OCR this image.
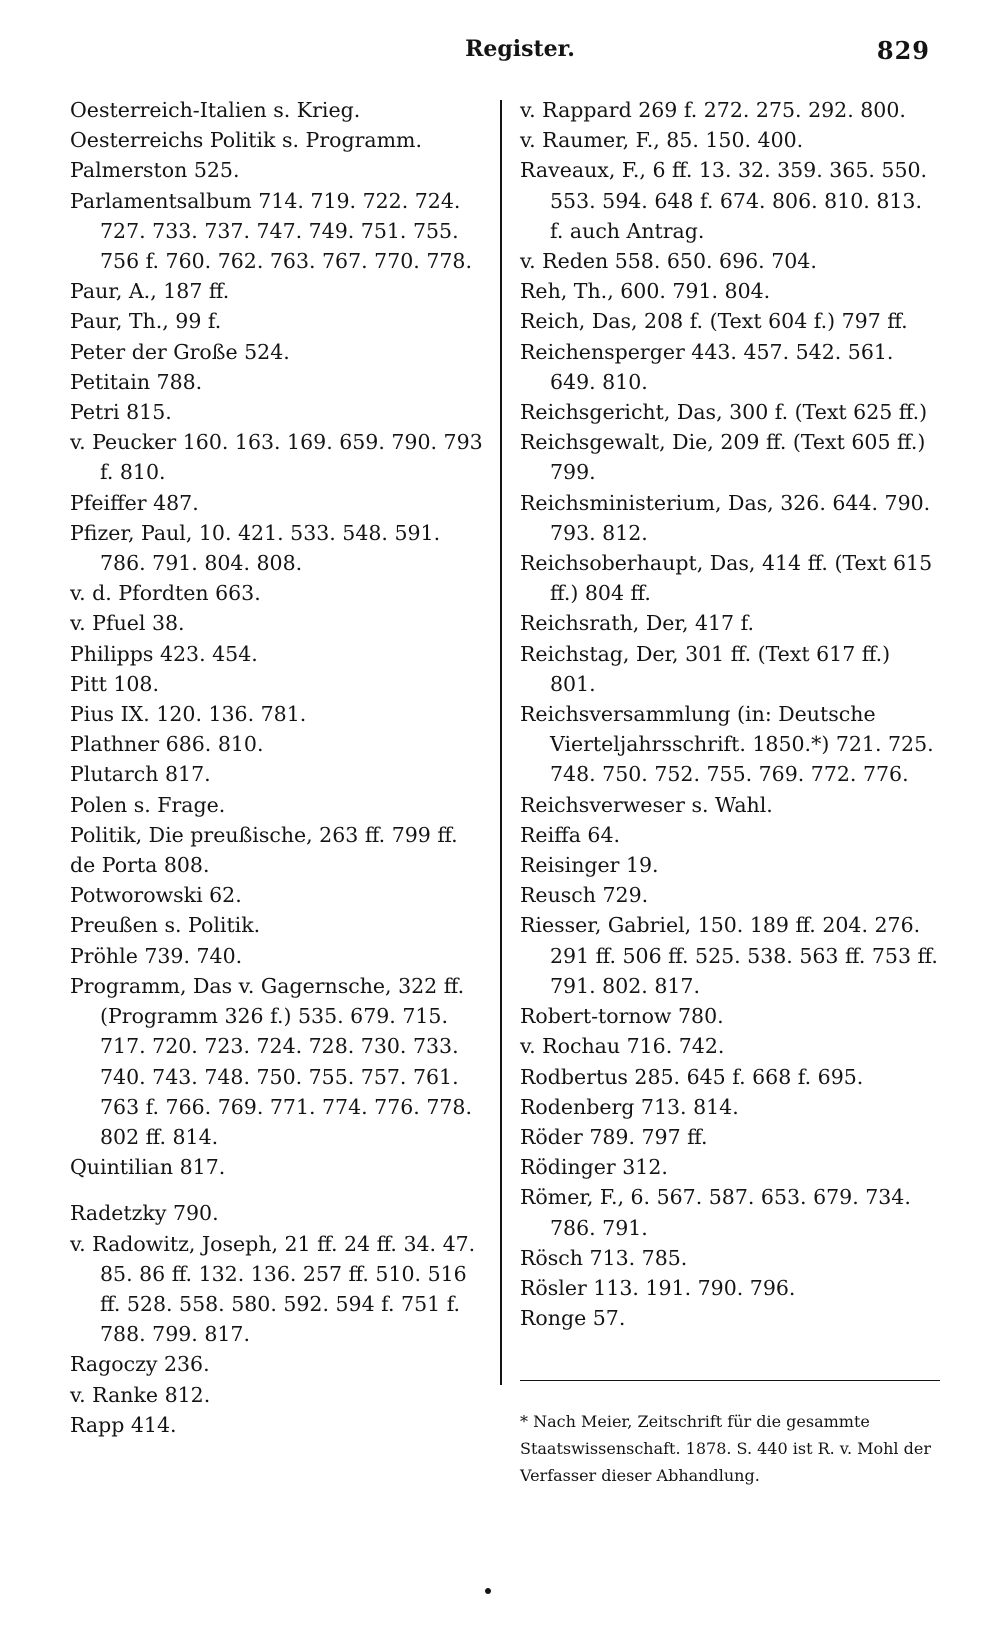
Register.	829
Oesterreich-Italien s. Krieg.
Oesterreichs Politik s. Programm.
Palmerston 525.
Parlamentsalbum 714. 719. 722. 724. 727. 733. 737. 747. 749. 751. 755. 756 f. 760. 762. 763. 767. 770. 778.
Paur, A., 187 ff.
Paur, Th., 99 f.
Peter der Große 524.
Petitain 788.
Petri 815.
v. Peucker 160. 163. 169. 659. 790. 793 f. 810.
Pfeiffer 487.
Pfizer, Paul, 10. 421. 533. 548. 591. 786. 791. 804. 808.
v. d. Pfordten 663.
v. Pfuel 38.
Philipps 423. 454.
Pitt 108.
Pius IX. 120. 136. 781.
Plathner 686. 810.
Plutarch 817.
Polen s. Frage.
Politik, Die preußische, 263 ff. 799 ff.
de Porta 808.
Potworowski 62.
Preußen s. Politik.
Pröhle 739. 740.
Programm, Das v. Gagernsche, 322 ff. (Programm 326 f.) 535. 679. 715. 717. 720. 723. 724. 728. 730. 733. 740. 743. 748. 750. 755. 757. 761. 763 f. 766. 769. 771. 774. 776. 778. 802 ff. 814.
Quintilian 817.
Radetzky 790.
v. Radowitz, Joseph, 21 ff. 24 ff. 34. 47. 85. 86 ff. 132. 136. 257 ff. 510. 516 ff. 528. 558. 580. 592. 594 f. 751 f. 788. 799. 817.
Ragoczy 236.
v. Ranke 812.
Rapp 414.
v. Rappard 269 f. 272. 275. 292. 800.
v. Raumer, F., 85. 150. 400.
Raveaux, F., 6 ff. 13. 32. 359. 365. 550. 553. 594. 648 f. 674. 806. 810. 813. f. auch Antrag.
v. Reden 558. 650. 696. 704.
Reh, Th., 600. 791. 804.
Reich, Das, 208 f. (Text 604 f.) 797 ff.
Reichensperger 443. 457. 542. 561. 649. 810.
Reichsgericht, Das, 300 f. (Text 625 ff.)
Reichsgewalt, Die, 209 ff. (Text 605 ff.) 799.
Reichsministerium, Das, 326. 644. 790. 793. 812.
Reichsoberhaupt, Das, 414 ff. (Text 615 ff.) 804 ff.
Reichsrath, Der, 417 f.
Reichstag, Der, 301 ff. (Text 617 ff.) 801.
Reichsversammlung (in: Deutsche Vierteljahrsschrift. 1850.*) 721. 725. 748. 750. 752. 755. 769. 772. 776.
Reichsverweser s. Wahl.
Reiffa 64.
Reisinger 19.
Reusch 729.
Riesser, Gabriel, 150. 189 ff. 204. 276. 291 ff. 506 ff. 525. 538. 563 ff. 753 ff. 791. 802. 817.
Robert-tornow 780.
v. Rochau 716. 742.
Rodbertus 285. 645 f. 668 f. 695.
Rodenberg 713. 814.
Röder 789. 797 ff.
Rödinger 312.
Römer, F., 6. 567. 587. 653. 679. 734. 786. 791.
Rösch 713. 785.
Rösler 113. 191. 790. 796.
Ronge 57.
* Nach Meier, Zeitschrift für die gesammte Staatswissenschaft. 1878. S. 440 ist R. v. Mohl der Verfasser dieser Abhandlung.
